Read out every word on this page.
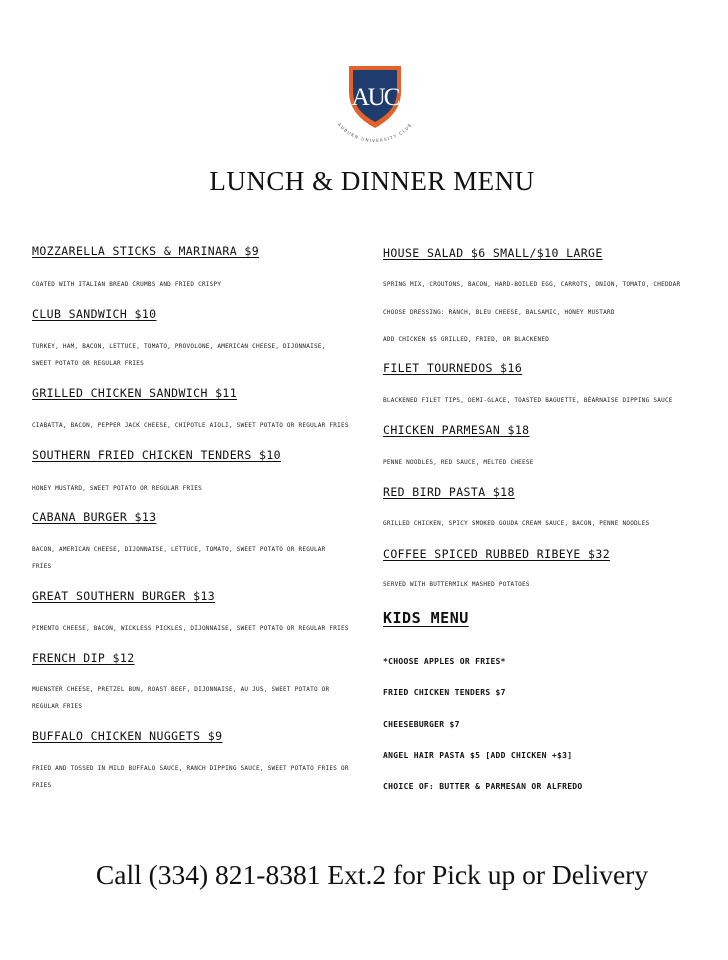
AUC
AUBURN UNIVERSITY CLUB
LUNCH & DINNER MENU
MOZZARELLA STICKS & MARINARA $9
COATED WITH ITALIAN BREAD CRUMBS AND FRIED CRISPY
CLUB SANDWICH $10
TURKEY, HAM, BACON, LETTUCE, TOMATO, PROVOLONE, AMERICAN CHEESE, DIJONNAISE,
SWEET POTATO OR REGULAR FRIES
GRILLED CHICKEN SANDWICH $11
CIABATTA, BACON, PEPPER JACK CHEESE, CHIPOTLE AIOLI, SWEET POTATO OR REGULAR FRIES
SOUTHERN FRIED CHICKEN TENDERS $10
HONEY MUSTARD, SWEET POTATO OR REGULAR FRIES
CABANA BURGER $13
BACON, AMERICAN CHEESE, DIJONNAISE, LETTUCE, TOMATO, SWEET POTATO OR REGULAR
FRIES
GREAT SOUTHERN BURGER $13
PIMENTO CHEESE, BACON, WICKLESS PICKLES, DIJONNAISE, SWEET POTATO OR REGULAR FRIES
FRENCH DIP $12
MUENSTER CHEESE, PRETZEL BUN, ROAST BEEF, DIJONNAISE, AU JUS, SWEET POTATO OR
REGULAR FRIES
BUFFALO CHICKEN NUGGETS $9
FRIED AND TOSSED IN MILD BUFFALO SAUCE, RANCH DIPPING SAUCE, SWEET POTATO FRIES OR
FRIES
HOUSE SALAD $6 SMALL/$10 LARGE
SPRING MIX, CROUTONS, BACON, HARD-BOILED EGG, CARROTS, ONION, TOMATO, CHEDDAR
CHOOSE DRESSING: RANCH, BLEU CHEESE, BALSAMIC, HONEY MUSTARD
ADD CHICKEN $5 GRILLED, FRIED, OR BLACKENED
FILET TOURNEDOS $16
BLACKENED FILET TIPS, DEMI-GLACE, TOASTED BAGUETTE, BÉARNAISE DIPPING SAUCE
CHICKEN PARMESAN $18
PENNE NOODLES, RED SAUCE, MELTED CHEESE
RED BIRD PASTA $18
GRILLED CHICKEN, SPICY SMOKED GOUDA CREAM SAUCE, BACON, PENNE NOODLES
COFFEE SPICED RUBBED RIBEYE $32
SERVED WITH BUTTERMILK MASHED POTATOES
KIDS MENU
*CHOOSE APPLES OR FRIES*
FRIED CHICKEN TENDERS $7
CHEESEBURGER $7
ANGEL HAIR PASTA $5 [ADD CHICKEN +$3]
CHOICE OF: BUTTER & PARMESAN OR ALFREDO
Call (334) 821-8381 Ext.2 for Pick up or Delivery
